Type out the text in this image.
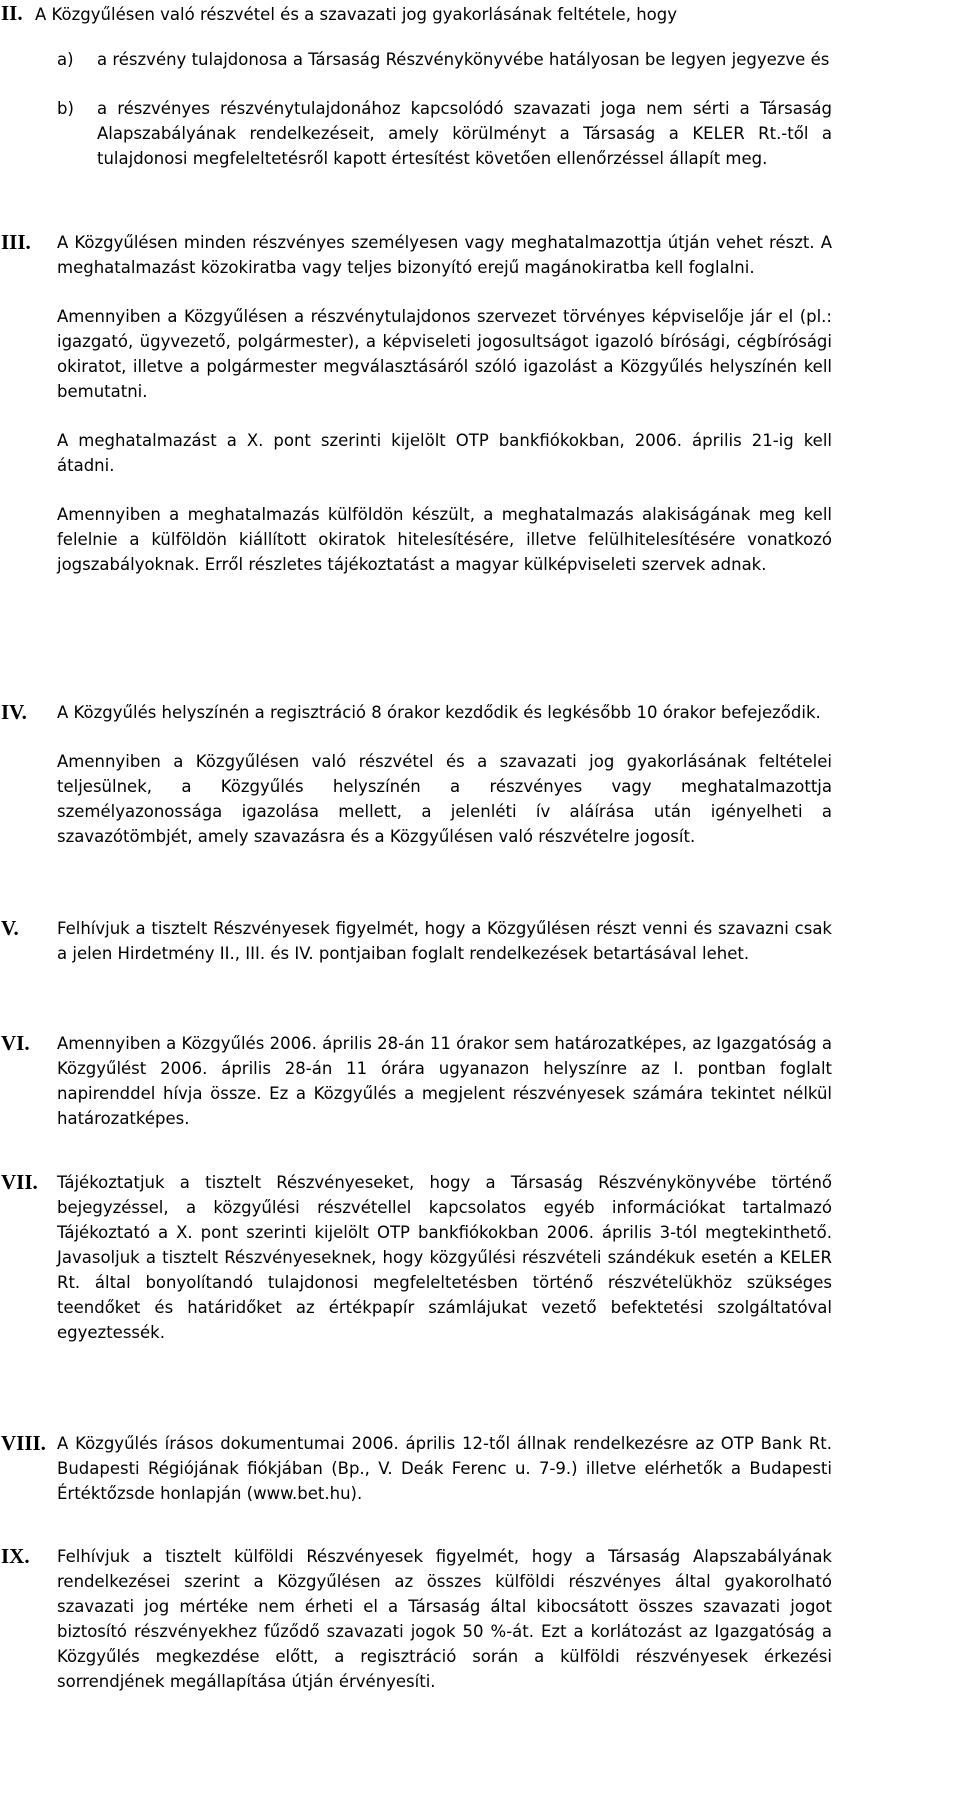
II. A Közgyűlésen való részvétel és a szavazati jog gyakorlásának feltétele, hogy

a) a részvény tulajdonosa a Társaság Részvénykönyvébe hatályosan be legyen jegyezve és
b) a részvényes részvénytulajdonához kapcsolódó szavazati joga nem sérti a Társaság Alapszabályának rendelkezéseit, amely körülményt a Társaság a KELER Rt.-től a tulajdonosi megfeleltetésről kapott értesítést követően ellenőrzéssel állapít meg.
III. A Közgyűlésen minden részvényes személyesen vagy meghatalmazottja útján vehet részt. A meghatalmazást közokiratba vagy teljes bizonyító erejű magánokiratba kell foglalni.

Amennyiben a Közgyűlésen a részvénytulajdonos szervezet törvényes képviselője jár el (pl.: igazgató, ügyvezető, polgármester), a képviseleti jogosultságot igazoló bírósági, cégbírósági okiratot, illetve a polgármester megválasztásáról szóló igazolást a Közgyűlés helyszínén kell bemutatni.

A meghatalmazást a X. pont szerinti kijelölt OTP bankfiókokban, 2006. április 21-ig kell átadni.

Amennyiben a meghatalmazás külföldön készült, a meghatalmazás alakiságának meg kell felelnie a külföldön kiállított okiratok hitelesítésére, illetve felülhitelesítésére vonatkozó jogszabályoknak. Erről részletes tájékoztatást a magyar külképviseleti szervek adnak.

IV. A Közgyűlés helyszínén a regisztráció 8 órakor kezdődik és legkésőbb 10 órakor befejeződik.

Amennyiben a Közgyűlésen való részvétel és a szavazati jog gyakorlásának feltételei teljesülnek, a Közgyűlés helyszínén a részvényes vagy meghatalmazottja személyazonossága igazolása mellett, a jelenléti ív aláírása után igényelheti a szavazótömbjét, amely szavazásra és a Közgyűlésen való részvételre jogosít.

V. Felhívjuk a tisztelt Részvényesek figyelmét, hogy a Közgyűlésen részt venni és szavazni csak a jelen Hirdetmény II., III. és IV. pontjaiban foglalt rendelkezések betartásával lehet.

VI. Amennyiben a Közgyűlés 2006. április 28-án 11 órakor sem határozatképes, az Igazgatóság a Közgyűlést 2006. április 28-án 11 órára ugyanazon helyszínre az I. pontban foglalt napirenddel hívja össze. Ez a Közgyűlés a megjelent részvényesek számára tekintet nélkül határozatképes.

VII. Tájékoztatjuk a tisztelt Részvényeseket, hogy a Társaság Részvénykönyvébe történő bejegyzéssel, a közgyűlési részvétellel kapcsolatos egyéb információkat tartalmazó Tájékoztató a X. pont szerinti kijelölt OTP bankfiókokban 2006. április 3-tól megtekinthető. Javasoljuk a tisztelt Részvényeseknek, hogy közgyűlési részvételi szándékuk esetén a KELER Rt. által bonyolítandó tulajdonosi megfeleltetésben történő részvételükhöz szükséges teendőket és határidőket az értékpapír számlájukat vezető befektetési szolgáltatóval egyeztessék.

VIII. A Közgyűlés írásos dokumentumai 2006. április 12-től állnak rendelkezésre az OTP Bank Rt. Budapesti Régiójának fiókjában (Bp., V. Deák Ferenc u. 7-9.) illetve elérhetők a Budapesti Értéktőzsde honlapján (www.bet.hu).

IX. Felhívjuk a tisztelt külföldi Részvényesek figyelmét, hogy a Társaság Alapszabályának rendelkezései szerint a Közgyűlésen az összes külföldi részvényes által gyakorolható szavazati jog mértéke nem érheti el a Társaság által kibocsátott összes szavazati jogot biztosító részvényekhez fűződő szavazati jogok 50 %-át. Ezt a korlátozást az Igazgatóság a Közgyűlés megkezdése előtt, a regisztráció során a külföldi részvényesek érkezési sorrendjének megállapítása útján érvényesíti.
